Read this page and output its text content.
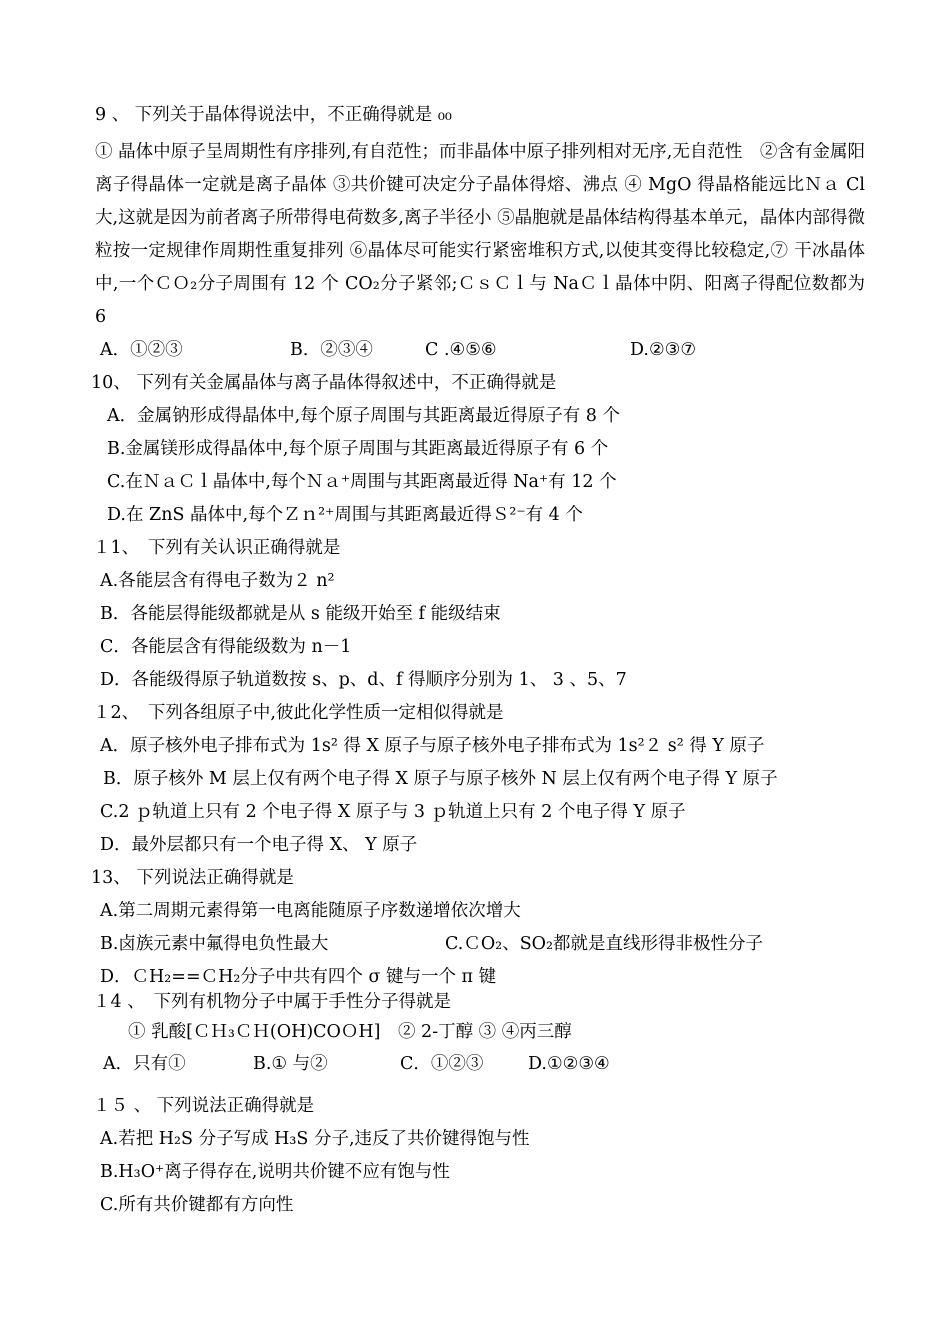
9 、 下列关于晶体得说法中，不正确得就是 ₀₀
① 晶体中原子呈周期性有序排列,有自范性；而非晶体中原子排列相对无序,无自范性　②含有金属阳离子得晶体一定就是离子晶体 ③共价键可决定分子晶体得熔、沸点 ④ MgO 得晶格能远比Ｎａ Cl 大,这就是因为前者离子所带得电荷数多,离子半径小 ⑤晶胞就是晶体结构得基本单元，晶体内部得微粒按一定规律作周期性重复排列 ⑥晶体尽可能实行紧密堆积方式,以使其变得比较稳定,⑦ 干冰晶体中,一个ＣＯ₂分子周围有 12 个 CO₂分子紧邻;ＣｓＣｌ与 NaＣｌ晶体中阴、阳离子得配位数都为 6
A．①②③	B．②③④	C .④⑤⑥	D.②③⑦
10、 下列有关金属晶体与离子晶体得叙述中，不正确得就是
A．金属钠形成得晶体中,每个原子周围与其距离最近得原子有 8 个
B.金属镁形成得晶体中,每个原子周围与其距离最近得原子有 6 个
C.在ＮａＣｌ晶体中,每个Ｎａ⁺周围与其距离最近得 Na⁺有 12 个
D.在 ZnS 晶体中,每个Ｚｎ²⁺周围与其距离最近得Ｓ²⁻有 4 个
１1、　下列有关认识正确得就是
A.各能层含有得电子数为２ n²
B．各能层得能级都就是从 s 能级开始至 f 能级结束
C．各能层含有得能级数为 n－1
D．各能级得原子轨道数按 s、p、d、f 得顺序分别为 1、 3 、5、7
１2、　下列各组原子中,彼此化学性质一定相似得就是
A．原子核外电子排布式为 1s² 得 X 原子与原子核外电子排布式为 1s²２ s² 得 Y 原子
B．原子核外 M 层上仅有两个电子得 X 原子与原子核外 N 层上仅有两个电子得 Y 原子
C.2 ｐ轨道上只有 2 个电子得 X 原子与 3 ｐ轨道上只有 2 个电子得 Y 原子
D．最外层都只有一个电子得 X、 Y 原子
13、 下列说法正确得就是
A.第二周期元素得第一电离能随原子序数递增依次增大
B.卤族元素中氟得电负性最大	C.ＣO₂、SO₂都就是直线形得非极性分子
D．ＣH₂==ＣH₂分子中共有四个 σ 键与一个 π 键
１4 、　下列有机物分子中属于手性分子得就是
① 乳酸[ＣＨ₃ＣＨ(OH)COＯH]　② 2-丁醇 ③ ④丙三醇
A．只有①	B.① 与②	C．①②③	D.①②③④
１５ 、 下列说法正确得就是
A.若把 H₂S 分子写成 H₃S 分子,违反了共价键得饱与性
B.H₃O⁺离子得存在,说明共价键不应有饱与性
C.所有共价键都有方向性
